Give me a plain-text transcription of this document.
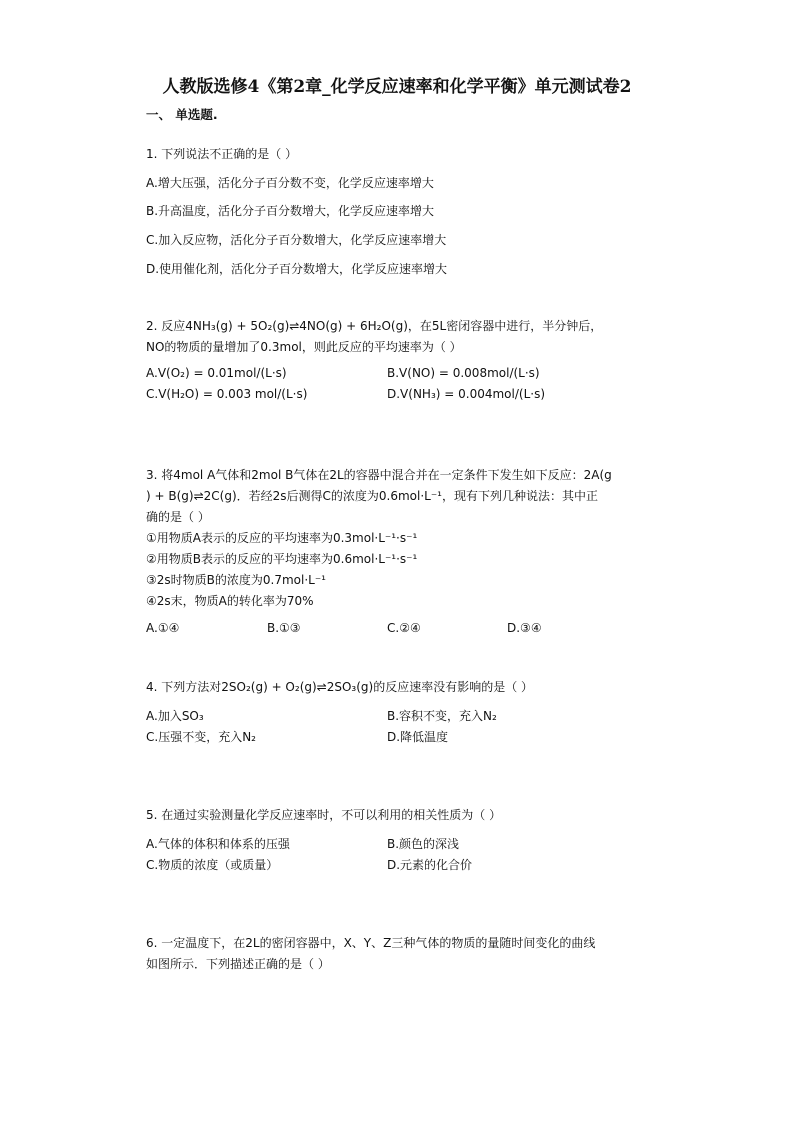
人教版选修4《第2章_化学反应速率和化学平衡》单元测试卷2
一、 单选题.
1. 下列说法不正确的是（ ）
A.增大压强，活化分子百分数不变，化学反应速率增大
B.升高温度，活化分子百分数增大，化学反应速率增大
C.加入反应物，活化分子百分数增大，化学反应速率增大
D.使用催化剂，活化分子百分数增大，化学反应速率增大
2. 反应4NH₃(g) + 5O₂(g)⇌4NO(g) + 6H₂O(g)，在5L密闭容器中进行，半分钟后，
NO的物质的量增加了0.3mol，则此反应的平均速率为（ ）
A.V(O₂) = 0.01mol/(L·s)	B.V(NO) = 0.008mol/(L·s)
C.V(H₂O) = 0.003 mol/(L·s)	D.V(NH₃) = 0.004mol/(L·s)
3. 将4mol A气体和2mol B气体在2L的容器中混合并在一定条件下发生如下反应：2A(g
) + B(g)⇌2C(g)．若经2s后测得C的浓度为0.6mol·L⁻¹，现有下列几种说法：其中正
确的是（ ）
①用物质A表示的反应的平均速率为0.3mol·L⁻¹·s⁻¹
②用物质B表示的反应的平均速率为0.6mol·L⁻¹·s⁻¹
③2s时物质B的浓度为0.7mol·L⁻¹
④2s末，物质A的转化率为70%
A.①④	B.①③	C.②④	D.③④
4. 下列方法对2SO₂(g) + O₂(g)⇌2SO₃(g)的反应速率没有影响的是（ ）
A.加入SO₃	B.容积不变，充入N₂
C.压强不变，充入N₂	D.降低温度
5. 在通过实验测量化学反应速率时，不可以利用的相关性质为（ ）
A.气体的体积和体系的压强	B.颜色的深浅
C.物质的浓度（或质量）	D.元素的化合价
6. 一定温度下，在2L的密闭容器中，X、Y、Z三种气体的物质的量随时间变化的曲线
如图所示．下列描述正确的是（ ）
